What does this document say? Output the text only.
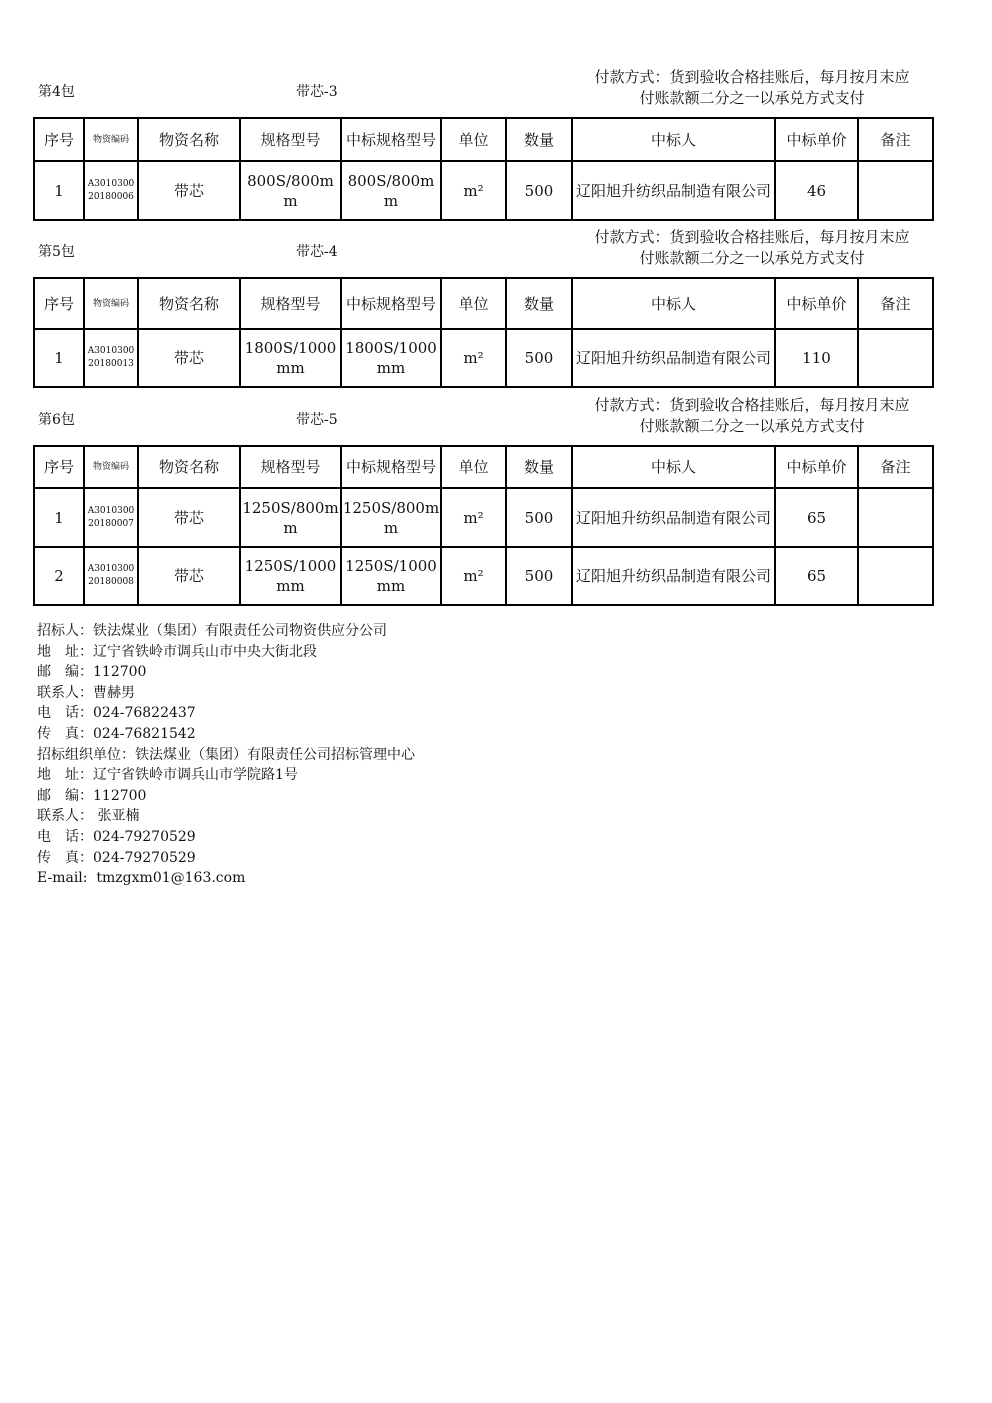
第4包	带芯-3
付款方式：货到验收合格挂账后，每月按月末应
付账款额二分之一以承兑方式支付
序号	物资编码	物资名称	规格型号	中标规格型号	单位	数量	中标人	中标单价	备注
1	A301030020180006	带芯	800S/800mm	800S/800mm	m²	500	辽阳旭升纺织品制造有限公司	46	
第5包	带芯-4
付款方式：货到验收合格挂账后，每月按月末应
付账款额二分之一以承兑方式支付
序号	物资编码	物资名称	规格型号	中标规格型号	单位	数量	中标人	中标单价	备注
1	A301030020180013	带芯	1800S/1000mm	1800S/1000mm	m²	500	辽阳旭升纺织品制造有限公司	110	
第6包	带芯-5
付款方式：货到验收合格挂账后，每月按月末应
付账款额二分之一以承兑方式支付
序号	物资编码	物资名称	规格型号	中标规格型号	单位	数量	中标人	中标单价	备注
1	A301030020180007	带芯	1250S/800mm	1250S/800mm	m²	500	辽阳旭升纺织品制造有限公司	65	
2	A301030020180008	带芯	1250S/1000mm	1250S/1000mm	m²	500	辽阳旭升纺织品制造有限公司	65	
招标人：铁法煤业（集团）有限责任公司物资供应分公司
地　址：辽宁省铁岭市调兵山市中央大街北段
邮　编：112700
联系人：曹赫男
电　话：024-76822437
传　真：024-76821542
招标组织单位：铁法煤业（集团）有限责任公司招标管理中心
地　址：辽宁省铁岭市调兵山市学院路1号
邮　编：112700
联系人： 张亚楠
电　话：024-79270529
传　真：024-79270529
E-mail:  tmzgxm01@163.com
